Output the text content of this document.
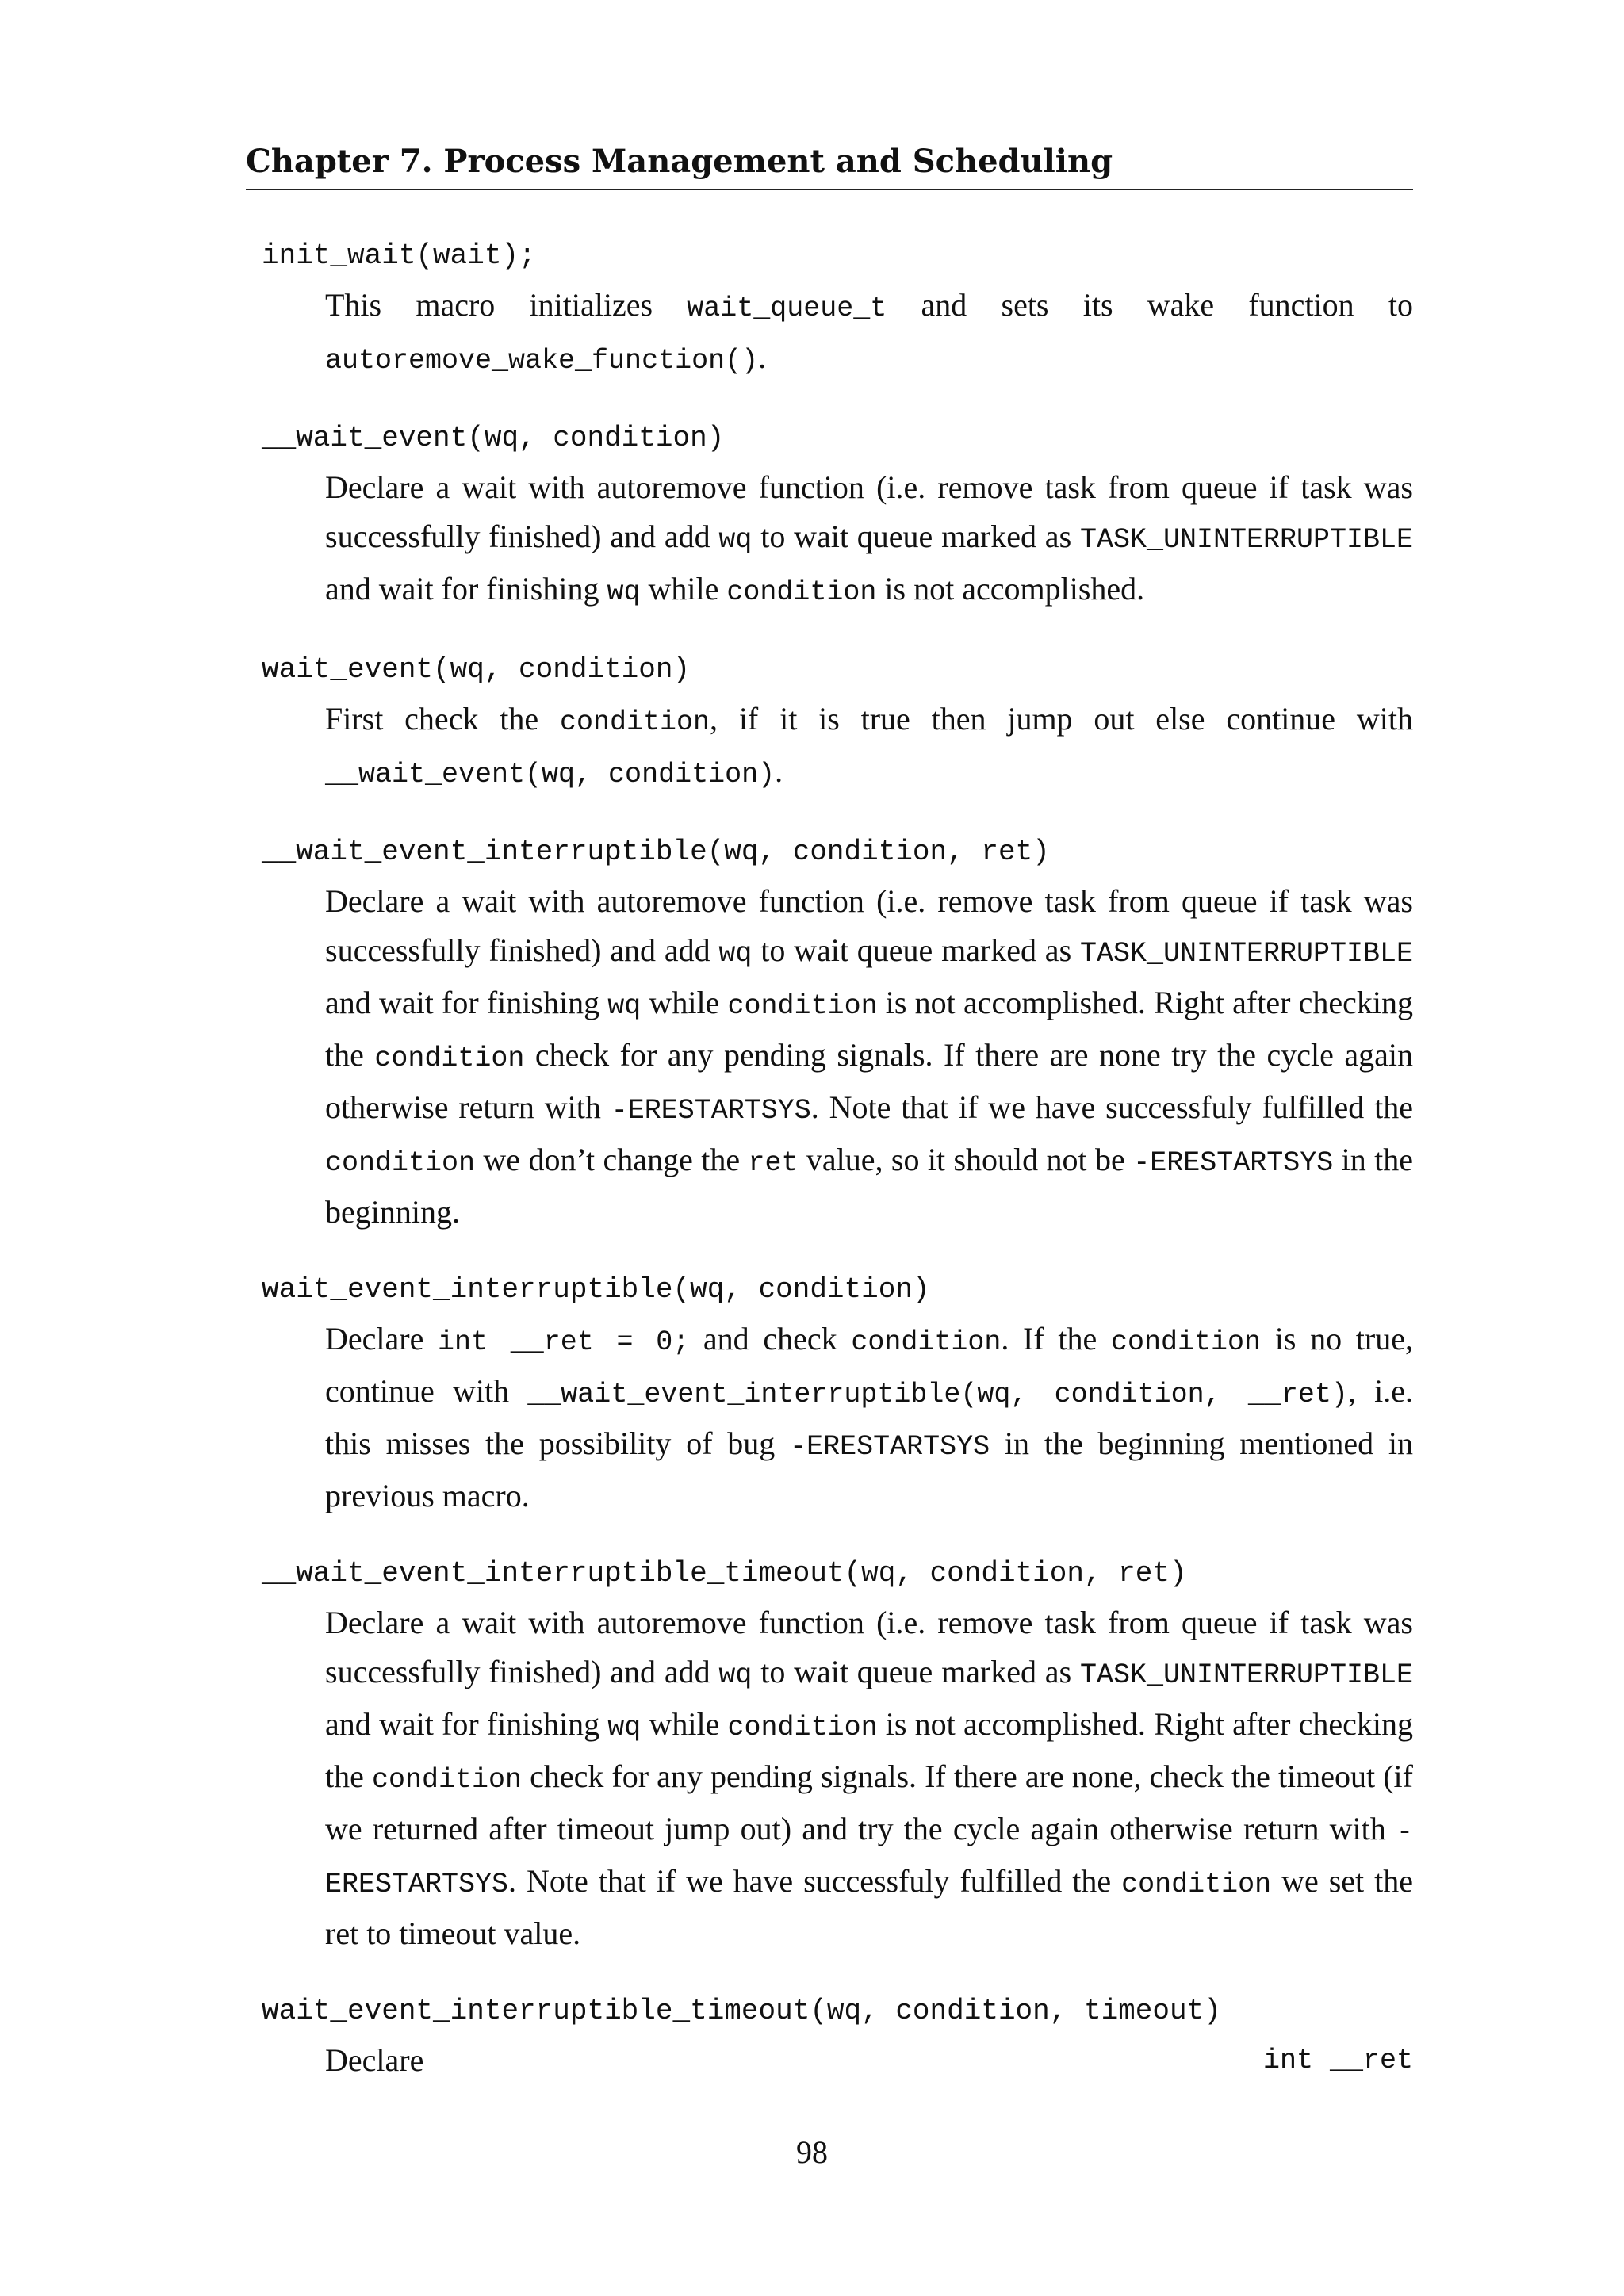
Chapter 7. Process Management and Scheduling
init_wait(wait);
This macro initializes wait_queue_t and sets its wake function to autoremove_wake_function().
__wait_event(wq, condition)
Declare a wait with autoremove function (i.e. remove task from queue if task was successfully finished) and add wq to wait queue marked as TASK_UNINTERRUPTIBLE and wait for finishing wq while condition is not accomplished.
wait_event(wq, condition)
First check the condition, if it is true then jump out else continue with __wait_event(wq, condition).
__wait_event_interruptible(wq, condition, ret)
Declare a wait with autoremove function (i.e. remove task from queue if task was successfully finished) and add wq to wait queue marked as TASK_UNINTERRUPTIBLE and wait for finishing wq while condition is not accomplished. Right after checking the condition check for any pending signals. If there are none try the cycle again otherwise return with -ERESTARTSYS. Note that if we have successfuly fulfilled the condition we don’t change the ret value, so it should not be -ERESTARTSYS in the beginning.
wait_event_interruptible(wq, condition)
Declare int __ret = 0; and check condition. If the condition is no true, continue with __wait_event_interruptible(wq, condition, __ret), i.e. this misses the possibility of bug -ERESTARTSYS in the beginning mentioned in previous macro.
__wait_event_interruptible_timeout(wq, condition, ret)
Declare a wait with autoremove function (i.e. remove task from queue if task was successfully finished) and add wq to wait queue marked as TASK_UNINTERRUPTIBLE and wait for finishing wq while condition is not accomplished. Right after checking the condition check for any pending signals. If there are none, check the timeout (if we returned after timeout jump out) and try the cycle again otherwise return with -ERESTARTSYS. Note that if we have successfuly fulfilled the condition we set the ret to timeout value.
wait_event_interruptible_timeout(wq, condition, timeout)
Declare	int __ret
98
